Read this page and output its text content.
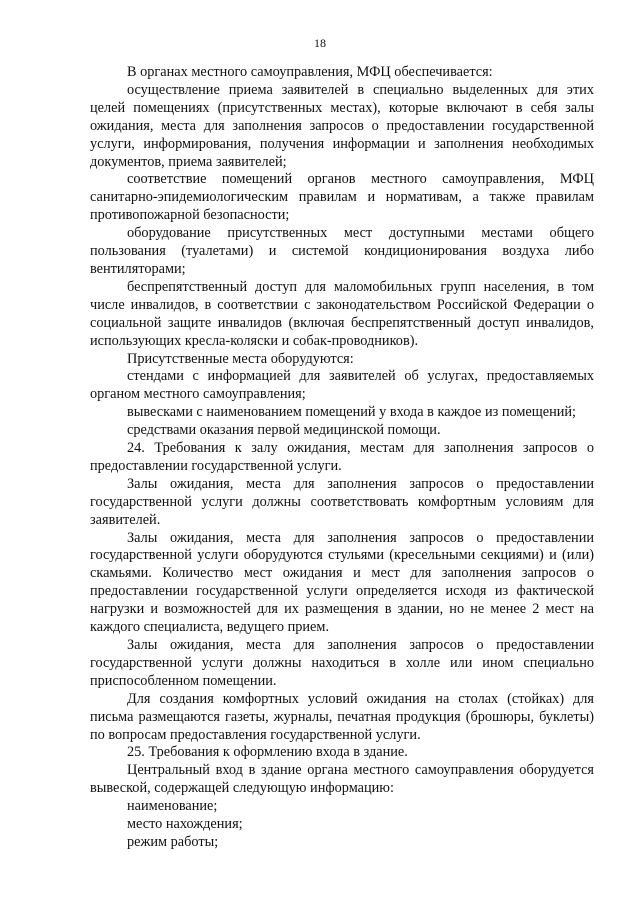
18

В органах местного самоуправления, МФЦ обеспечивается:

осуществление приема заявителей в специально выделенных для этих целей помещениях (присутственных местах), которые включают в себя залы ожидания, места для заполнения запросов о предоставлении государственной услуги, информирования, получения информации и заполнения необходимых документов, приема заявителей;

соответствие помещений органов местного самоуправления, МФЦ санитарно-эпидемиологическим правилам и нормативам, а также правилам противопожарной безопасности;

оборудование присутственных мест доступными местами общего пользования (туалетами) и системой кондиционирования воздуха либо вентиляторами;

беспрепятственный доступ для маломобильных групп населения, в том числе инвалидов, в соответствии с законодательством Российской Федерации о социальной защите инвалидов (включая беспрепятственный доступ инвалидов, использующих кресла-коляски и собак-проводников).

Присутственные места оборудуются:

стендами с информацией для заявителей об услугах, предоставляемых органом местного самоуправления;

вывесками с наименованием помещений у входа в каждое из помещений;

средствами оказания первой медицинской помощи.

24. Требования к залу ожидания, местам для заполнения запросов о предоставлении государственной услуги.

Залы ожидания, места для заполнения запросов о предоставлении государственной услуги должны соответствовать комфортным условиям для заявителей.

Залы ожидания, места для заполнения запросов о предоставлении государственной услуги оборудуются стульями (кресельными секциями) и (или) скамьями. Количество мест ожидания и мест для заполнения запросов о предоставлении государственной услуги определяется исходя из фактической нагрузки и возможностей для их размещения в здании, но не менее 2 мест на каждого специалиста, ведущего прием.

Залы ожидания, места для заполнения запросов о предоставлении государственной услуги должны находиться в холле или ином специально приспособленном помещении.

Для создания комфортных условий ожидания на столах (стойках) для письма размещаются газеты, журналы, печатная продукция (брошюры, буклеты) по вопросам предоставления государственной услуги.

25. Требования к оформлению входа в здание.

Центральный вход в здание органа местного самоуправления оборудуется вывеской, содержащей следующую информацию:

наименование;

место нахождения;

режим работы;
